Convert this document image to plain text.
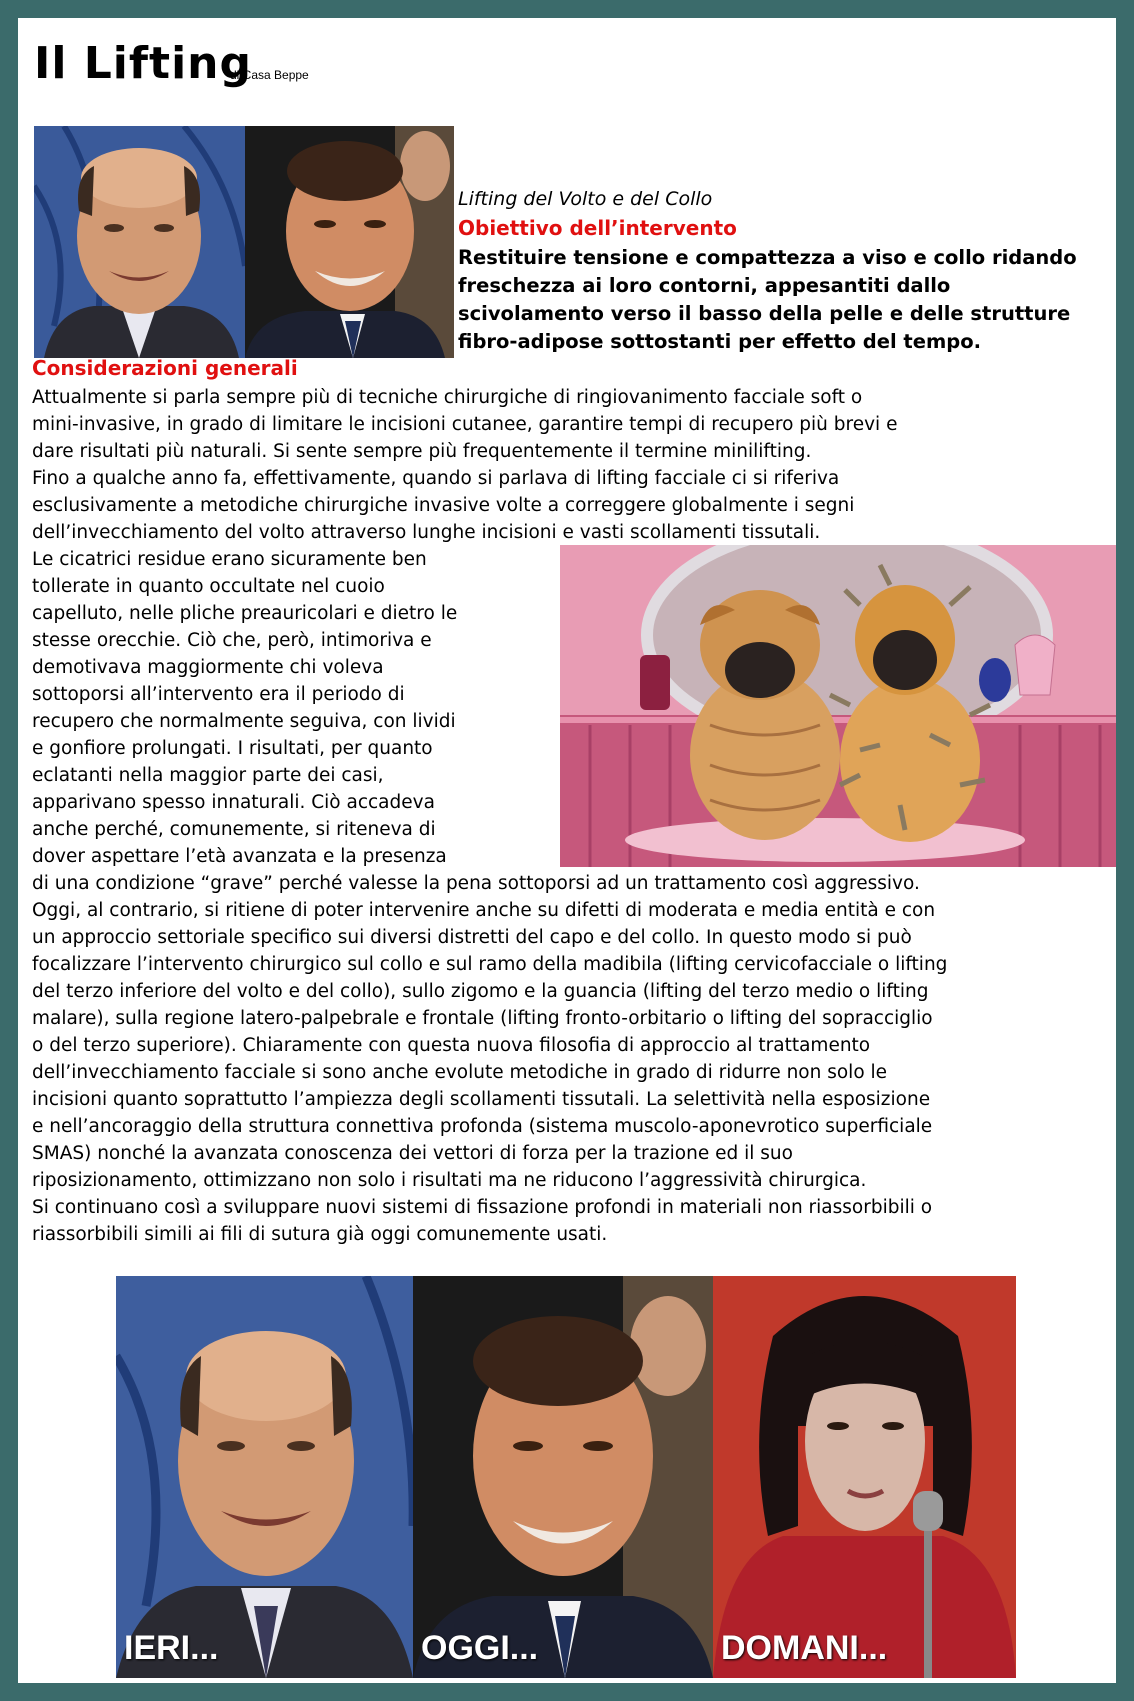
Il Lifting
di Casa Beppe
Lifting del Volto e del Collo
Obiettivo dell’intervento
Restituire tensione e compattezza a viso e collo ridando
freschezza ai loro contorni, appesantiti dallo
scivolamento verso il basso della pelle e delle strutture
fibro-adipose sottostanti per effetto del tempo.
Considerazioni generali
Attualmente si parla sempre più di tecniche chirurgiche di ringiovanimento facciale soft o
mini-invasive, in grado di limitare le incisioni cutanee, garantire tempi di recupero più brevi e
dare risultati più naturali. Si sente sempre più frequentemente il termine minilifting.
Fino a qualche anno fa, effettivamente, quando si parlava di lifting facciale ci si riferiva
esclusivamente a metodiche chirurgiche invasive volte a correggere globalmente i segni
dell’invecchiamento del volto attraverso lunghe incisioni e vasti scollamenti tissutali.
Le cicatrici residue erano sicuramente ben
tollerate in quanto occultate nel cuoio
capelluto, nelle pliche preauricolari e dietro le
stesse orecchie. Ciò che, però, intimoriva e
demotivava maggiormente chi voleva
sottoporsi all’intervento era il periodo di
recupero che normalmente seguiva, con lividi
e gonfiore prolungati. I risultati, per quanto
eclatanti nella maggior parte dei casi,
apparivano spesso innaturali. Ciò accadeva
anche perché, comunemente, si riteneva di
dover aspettare l’età avanzata e la presenza
di una condizione “grave” perché valesse la pena sottoporsi ad un trattamento così aggressivo.
Oggi, al contrario, si ritiene di poter intervenire anche su difetti di moderata e media entità e con
un approccio settoriale specifico sui diversi distretti del capo e del collo. In questo modo si può
focalizzare l’intervento chirurgico sul collo e sul ramo della madibila (lifting cervicofacciale o lifting
del terzo inferiore del volto e del collo), sullo zigomo e la guancia (lifting del terzo medio o lifting
malare), sulla regione latero-palpebrale e frontale (lifting fronto-orbitario o lifting del sopracciglio
o del terzo superiore). Chiaramente con questa nuova filosofia di approccio al trattamento
dell’invecchiamento facciale si sono anche evolute metodiche in grado di ridurre non solo le
incisioni quanto soprattutto l’ampiezza degli scollamenti tissutali. La selettività nella esposizione
e nell’ancoraggio della struttura connettiva profonda (sistema muscolo-aponevrotico superficiale
SMAS) nonché la avanzata conoscenza dei vettori di forza per la trazione ed il suo
riposizionamento, ottimizzano non solo i risultati ma ne riducono l’aggressività chirurgica.
Si continuano così a sviluppare nuovi sistemi di fissazione profondi in materiali non riassorbibili o
riassorbibili simili ai fili di sutura già oggi comunemente usati.
IERI...	OGGI...	DOMANI...
